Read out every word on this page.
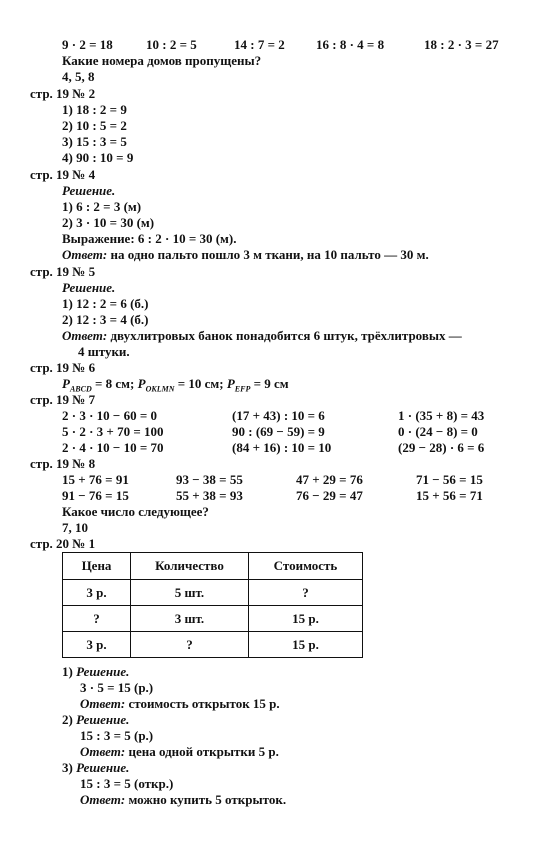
9 · 2 = 18	10 : 2 = 5	14 : 7 = 2 16 : 8 · 4 = 8	18 : 2 · 3 = 27
Какие номера домов пропущены?
4, 5, 8
стр. 19 № 2
1) 18 : 2 = 9
2) 10 : 5 = 2
3) 15 : 3 = 5
4) 90 : 10 = 9
стр. 19 № 4
Решение.
1) 6 : 2 = 3 (м)
2) 3 · 10 = 30 (м)
Выражение: 6 : 2 · 10 = 30 (м).
Ответ: на одно пальто пошло 3 м ткани, на 10 пальто — 30 м.
стр. 19 № 5
Решение.
1) 12 : 2 = 6 (б.)
2) 12 : 3 = 4 (б.)
Ответ: двухлитровых банок понадобится 6 штук, трёхлитровых —
4 штуки.
стр. 19 № 6
$P_{ABCD} = 8$ см; $P_{OKLMN} = 10$ см; $P_{EFP} = 9$ см
стр. 19 № 7
2 · 3 · 10 − 60 = 0	(17 + 43) : 10 = 6	1 · (35 + 8) = 43
5 · 2 · 3 + 70 = 100	90 : (69 − 59) = 9	0 · (24 − 8) = 0
2 · 4 · 10 − 10 = 70	(84 + 16) : 10 = 10	(29 − 28) · 6 = 6
стр. 19 № 8
15 + 76 = 91	93 − 38 = 55	47 + 29 = 76	71 − 56 = 15
91 − 76 = 15	55 + 38 = 93	76 − 29 = 47	15 + 56 = 71
Какое число следующее?
7, 10
стр. 20 № 1
Цена	Количество	Стоимость
3 р.	5 шт.	?
?	3 шт.	15 р.
3 р.	?	15 р.
1) Решение.
3 · 5 = 15 (р.)
Ответ: стоимость открыток 15 р.
2) Решение.
15 : 3 = 5 (р.)
Ответ: цена одной открытки 5 р.
3) Решение.
15 : 3 = 5 (откр.)
Ответ: можно купить 5 открыток.
